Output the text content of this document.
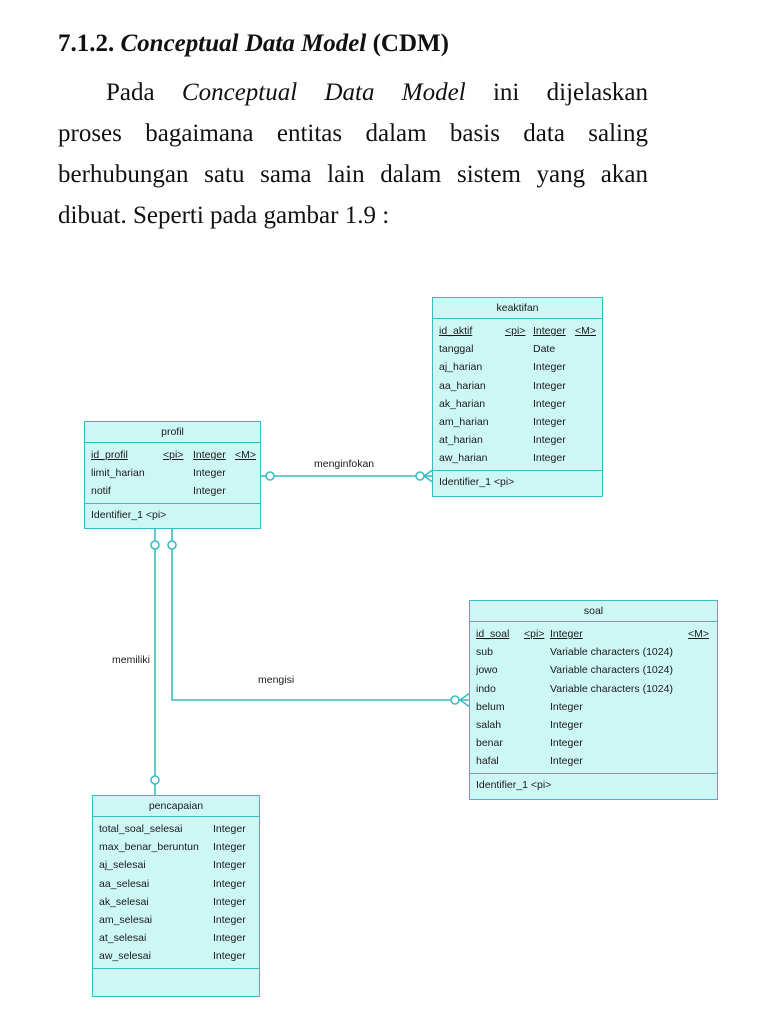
7.1.2. Conceptual Data Model (CDM)
Pada Conceptual Data Model ini dijelaskan
proses bagaimana entitas dalam basis data saling
berhubungan satu sama lain dalam sistem yang akan
dibuat. Seperti pada gambar 1.9 :
menginfokan
memiliki
mengisi
keaktifan
id_aktif	<pi> Integer <M>
tanggal	Date
aj_harian	Integer
aa_harian	Integer
ak_harian	Integer
am_harian	Integer
at_harian	Integer
aw_harian	Integer
Identifier_1 <pi>
profil
id_profil	<pi> Integer <M>
limit_harian	Integer
notif	Integer
Identifier_1 <pi>
soal
id_soal <pi> Integer	<M>
sub	Variable characters (1024)
jowo	Variable characters (1024)
indo	Variable characters (1024)
belum	Integer
salah	Integer
benar	Integer
hafal	Integer
Identifier_1 <pi>
pencapaian
total_soal_selesai	Integer
max_benar_beruntun Integer
aj_selesai	Integer
aa_selesai	Integer
ak_selesai	Integer
am_selesai	Integer
at_selesai	Integer
aw_selesai	Integer
